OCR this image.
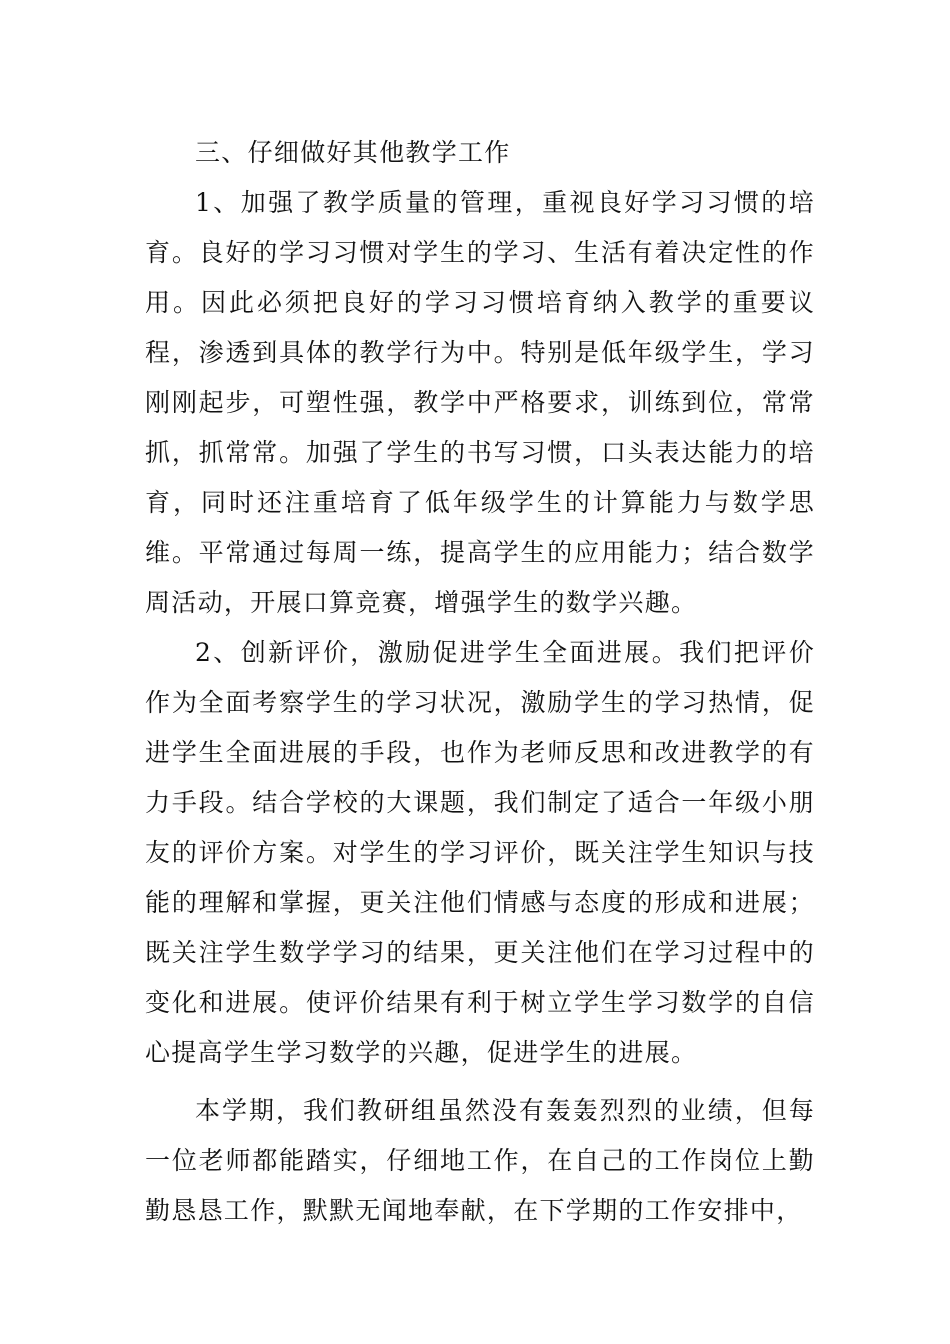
三、仔细做好其他教学工作

1、加强了教学质量的管理，重视良好学习习惯的培育。良好的学习习惯对学生的学习、生活有着决定性的作用。因此必须把良好的学习习惯培育纳入教学的重要议程，渗透到具体的教学行为中。特别是低年级学生，学习刚刚起步，可塑性强，教学中严格要求，训练到位，常常抓，抓常常。加强了学生的书写习惯，口头表达能力的培育，同时还注重培育了低年级学生的计算能力与数学思维。平常通过每周一练，提高学生的应用能力；结合数学周活动，开展口算竞赛，增强学生的数学兴趣。

2、创新评价，激励促进学生全面进展。我们把评价作为全面考察学生的学习状况，激励学生的学习热情，促进学生全面进展的手段，也作为老师反思和改进教学的有力手段。结合学校的大课题，我们制定了适合一年级小朋友的评价方案。对学生的学习评价，既关注学生知识与技能的理解和掌握，更关注他们情感与态度的形成和进展；既关注学生数学学习的结果，更关注他们在学习过程中的变化和进展。使评价结果有利于树立学生学习数学的自信心提高学生学习数学的兴趣，促进学生的进展。

本学期，我们教研组虽然没有轰轰烈烈的业绩，但每一位老师都能踏实，仔细地工作，在自己的工作岗位上勤勤恳恳工作，默默无闻地奉献，在下学期的工作安排中，
